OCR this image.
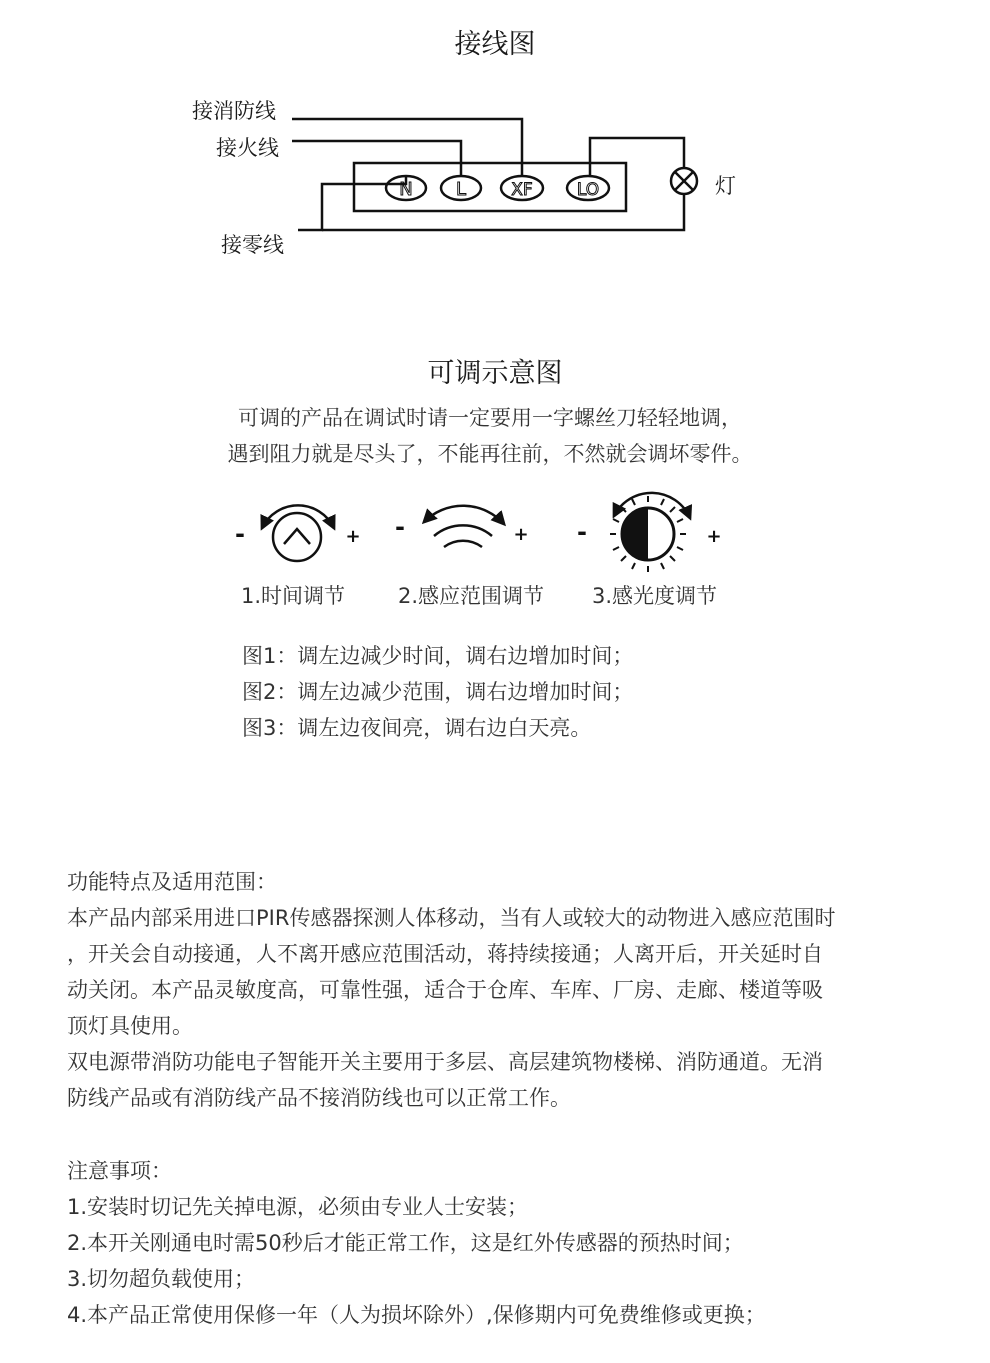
接线图
N L	XF	LO
接消防线
接火线
接零线
灯
可调示意图
可调的产品在调试时请一定要用一字螺丝刀轻轻地调，
遇到阻力就是尽头了，不能再往前，不然就会调坏零件。
-	+ -	+ -	+
1.时间调节	2.感应范围调节 3.感光度调节
图1：调左边减少时间，调右边增加时间；
图2：调左边减少范围，调右边增加时间；
图3：调左边夜间亮，调右边白天亮。
功能特点及适用范围：
本产品内部采用进口PIR传感器探测人体移动，当有人或较大的动物进入感应范围时
，开关会自动接通，人不离开感应范围活动，蒋持续接通；人离开后，开关延时自
动关闭。本产品灵敏度高，可靠性强，适合于仓库、车库、厂房、走廊、楼道等吸
顶灯具使用。
双电源带消防功能电子智能开关主要用于多层、高层建筑物楼梯、消防通道。无消
防线产品或有消防线产品不接消防线也可以正常工作。
注意事项：
1.安装时切记先关掉电源，必须由专业人士安装；
2.本开关刚通电时需50秒后才能正常工作，这是红外传感器的预热时间；
3.切勿超负载使用；
4.本产品正常使用保修一年（人为损坏除外）,保修期内可免费维修或更换；
